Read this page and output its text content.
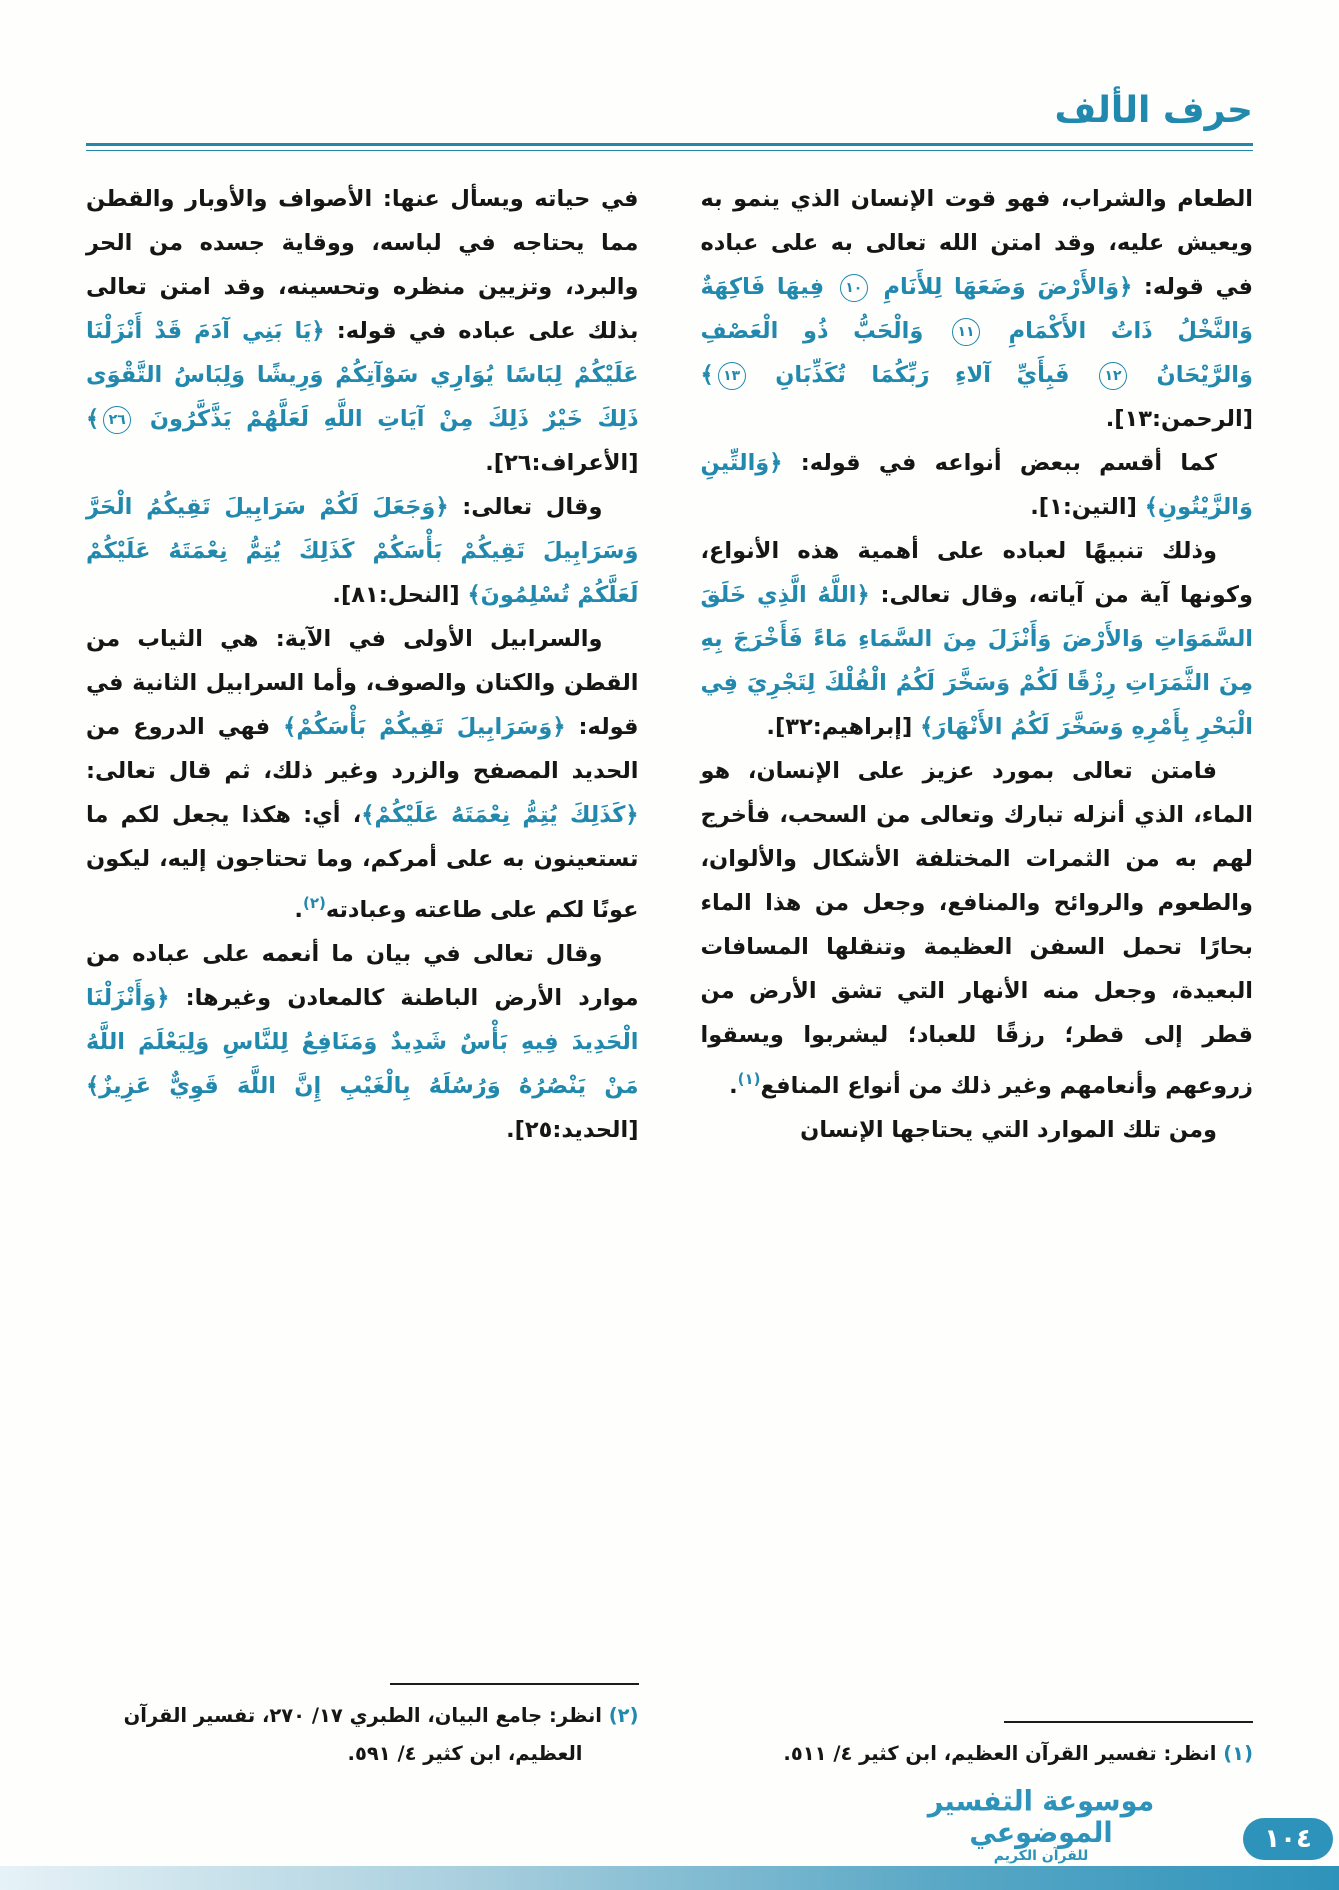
حرف الألف

الطعام والشراب، فهو قوت الإنسان الذي ينمو به ويعيش عليه، وقد امتن الله تعالى به على عباده في قوله: ﴿وَالأَرْضَ وَضَعَهَا لِلأَنَامِ ١٠ فِيهَا فَاكِهَةٌ وَالنَّخْلُ ذَاتُ الأَكْمَامِ ١١ وَالْحَبُّ ذُو الْعَصْفِ وَالرَّيْحَانُ ١٢ فَبِأَيِّ آلاءِ رَبِّكُمَا تُكَذِّبَانِ ١٣﴾ [الرحمن:١٣].

كما أقسم ببعض أنواعه في قوله: ﴿وَالتِّينِ وَالزَّيْتُونِ﴾ [التين:١].

وذلك تنبيهًا لعباده على أهمية هذه الأنواع، وكونها آية من آياته، وقال تعالى: ﴿اللَّهُ الَّذِي خَلَقَ السَّمَوَاتِ وَالأَرْضَ وَأَنْزَلَ مِنَ السَّمَاءِ مَاءً فَأَخْرَجَ بِهِ مِنَ الثَّمَرَاتِ رِزْقًا لَكُمْ وَسَخَّرَ لَكُمُ الْفُلْكَ لِتَجْرِيَ فِي الْبَحْرِ بِأَمْرِهِ وَسَخَّرَ لَكُمُ الأَنْهَارَ﴾ [إبراهيم:٣٢].

فامتن تعالى بمورد عزيز على الإنسان، هو الماء، الذي أنزله تبارك وتعالى من السحب، فأخرج لهم به من الثمرات المختلفة الأشكال والألوان، والطعوم والروائح والمنافع، وجعل من هذا الماء بحارًا تحمل السفن العظيمة وتنقلها المسافات البعيدة، وجعل منه الأنهار التي تشق الأرض من قطر إلى قطر؛ رزقًا للعباد؛ ليشربوا ويسقوا زروعهم وأنعامهم وغير ذلك من أنواع المنافع$^{(١)}$.

ومن تلك الموارد التي يحتاجها الإنسان

(١) انظر: تفسير القرآن العظيم، ابن كثير ٤/ ٥١١.

في حياته ويسأل عنها: الأصواف والأوبار والقطن مما يحتاجه في لباسه، ووقاية جسده من الحر والبرد، وتزيين منظره وتحسينه، وقد امتن تعالى بذلك على عباده في قوله: ﴿يَا بَنِي آدَمَ قَدْ أَنْزَلْنَا عَلَيْكُمْ لِبَاسًا يُوَارِي سَوْآتِكُمْ وَرِيشًا وَلِبَاسُ التَّقْوَى ذَلِكَ خَيْرٌ ذَلِكَ مِنْ آيَاتِ اللَّهِ لَعَلَّهُمْ يَذَّكَّرُونَ ٢٦﴾ [الأعراف:٢٦].

وقال تعالى: ﴿وَجَعَلَ لَكُمْ سَرَابِيلَ تَقِيكُمُ الْحَرَّ وَسَرَابِيلَ تَقِيكُمْ بَأْسَكُمْ كَذَلِكَ يُتِمُّ نِعْمَتَهُ عَلَيْكُمْ لَعَلَّكُمْ تُسْلِمُونَ﴾ [النحل:٨١].

والسرابيل الأولى في الآية: هي الثياب من القطن والكتان والصوف، وأما السرابيل الثانية في قوله: ﴿وَسَرَابِيلَ تَقِيكُمْ بَأْسَكُمْ﴾ فهي الدروع من الحديد المصفح والزرد وغير ذلك، ثم قال تعالى: ﴿كَذَلِكَ يُتِمُّ نِعْمَتَهُ عَلَيْكُمْ﴾، أي: هكذا يجعل لكم ما تستعينون به على أمركم، وما تحتاجون إليه، ليكون عونًا لكم على طاعته وعبادته$^{(٢)}$.

وقال تعالى في بيان ما أنعمه على عباده من موارد الأرض الباطنة كالمعادن وغيرها: ﴿وَأَنْزَلْنَا الْحَدِيدَ فِيهِ بَأْسٌ شَدِيدٌ وَمَنَافِعُ لِلنَّاسِ وَلِيَعْلَمَ اللَّهُ مَنْ يَنْصُرُهُ وَرُسُلَهُ بِالْغَيْبِ إِنَّ اللَّهَ قَوِيٌّ عَزِيزٌ﴾ [الحديد:٢٥].

(٢) انظر: جامع البيان، الطبري ١٧/ ٢٧٠، تفسير القرآن العظيم، ابن كثير ٤/ ٥٩١.

موسوعة التفسير الموضوعي
للقرآن الكريم
١٠٤
